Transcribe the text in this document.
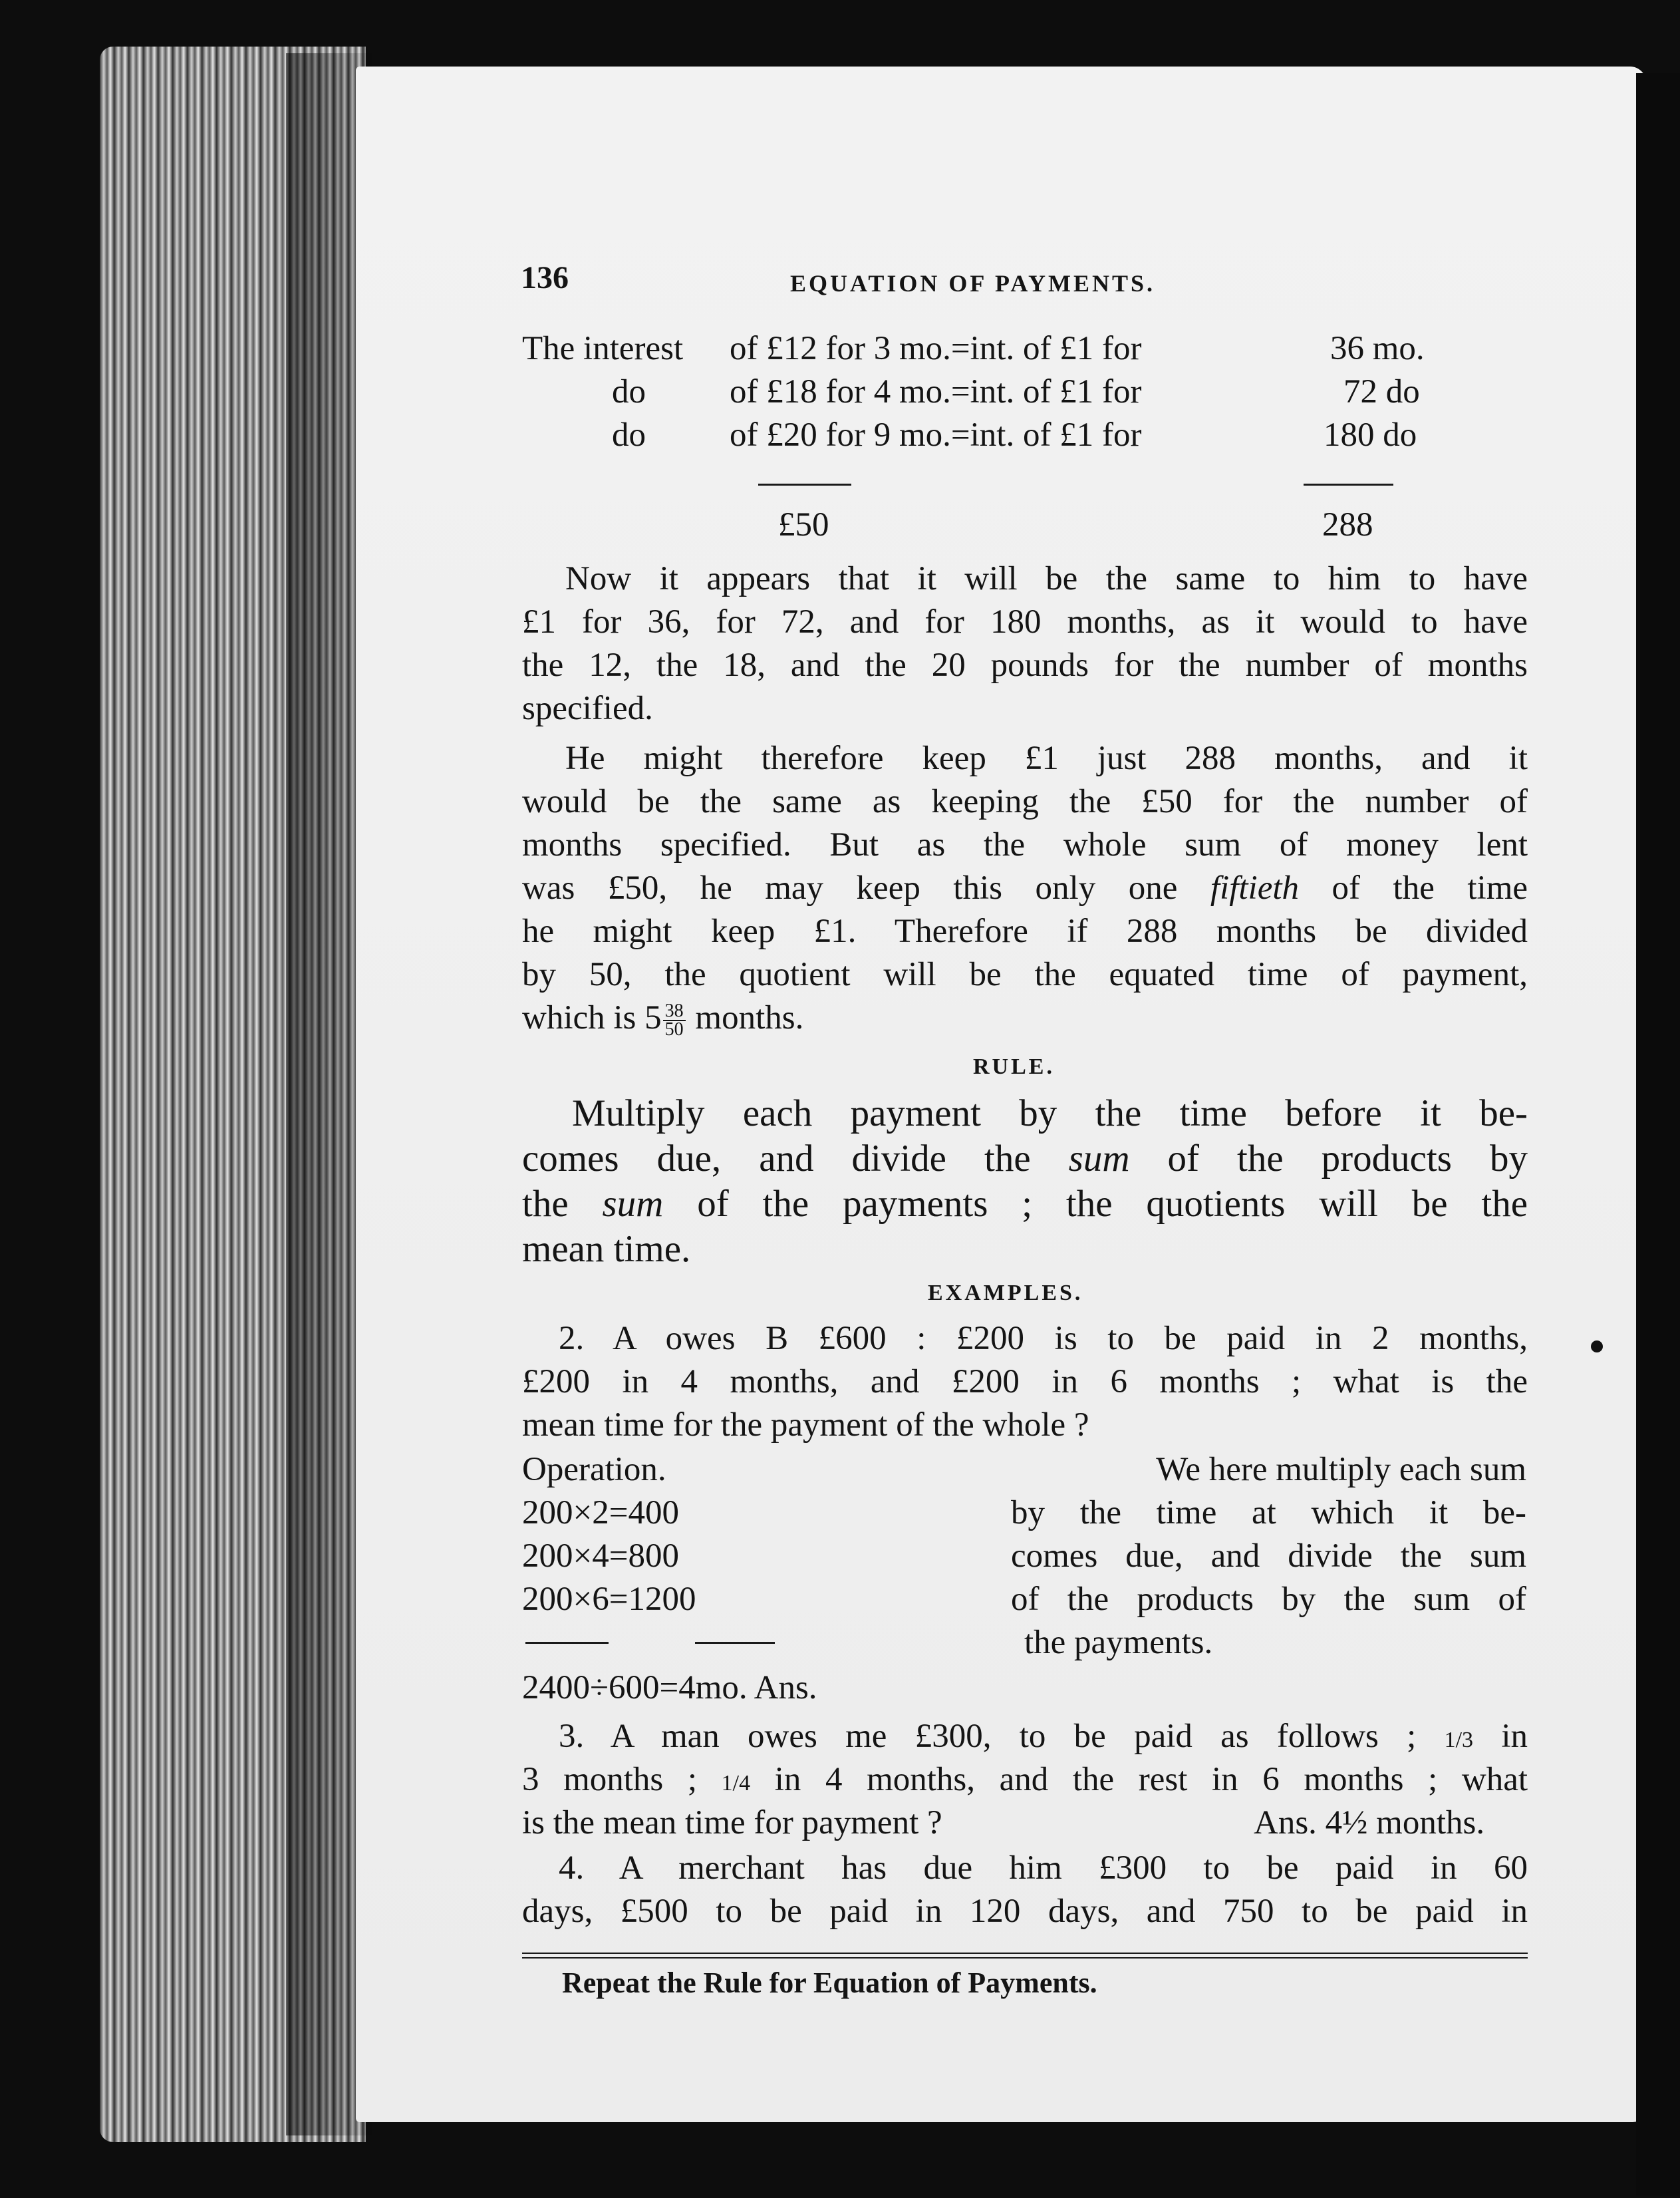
136	EQUATION OF PAYMENTS.
The interest of £12 for 3 mo.=int. of £1 for	36 mo.
do of £18 for 4 mo.=int. of £1 for	72 do
do of £20 for 9 mo.=int. of £1 for	180 do
£50	288
Now it appears that it will be the same to him to have
£1 for 36, for 72, and for 180 months, as it would to have
the 12, the 18, and the 20 pounds for the number of months
specified.
He might therefore keep £1 just 288 months, and it
would be the same as keeping the £50 for the number of
months specified. But as the whole sum of money lent
was £50, he may keep this only one fiftieth of the time
he might keep £1. Therefore if 288 months be divided
by 50, the quotient will be the equated time of payment,
which is $5 \frac{38}{50}$ months.
RULE.
Multiply each payment by the time before it be-
comes due, and divide the sum of the products by
the sum of the payments ; the quotients will be the
mean time.
EXAMPLES.
2. A owes B £600 : £200 is to be paid in 2 months,
£200 in 4 months, and £200 in 6 months ; what is the
mean time for the payment of the whole ?
Operation.
200×2=400
200×4=800
200×6=1200
2400÷600=4mo. Ans.
We here multiply each sum
by the time at which it be-
comes due, and divide the sum
of the products by the sum of
the payments.
3. A man owes me £300, to be paid as follows ; 1/3 in
3 months ; 1/4 in 4 months, and the rest in 6 months ; what
is the mean time for payment ?	Ans. 4½ months.
4. A merchant has due him £300 to be paid in 60
days, £500 to be paid in 120 days, and 750 to be paid in
Repeat the Rule for Equation of Payments.
